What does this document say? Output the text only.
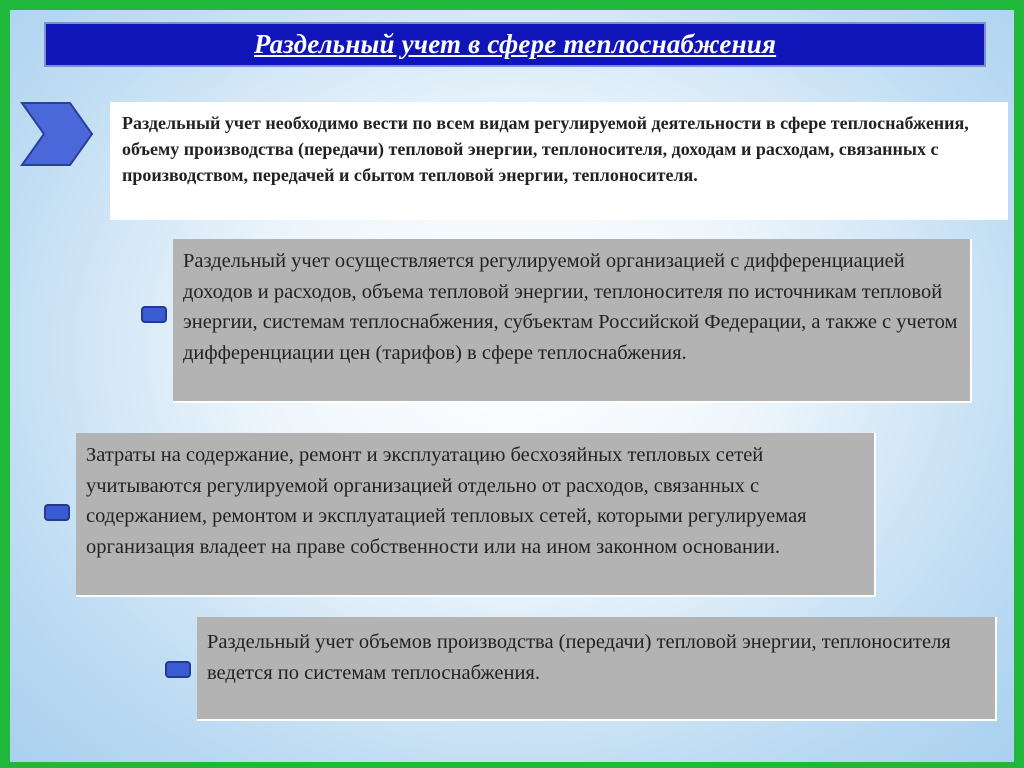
Раздельный учет в сфере теплоснабжения
Раздельный учет необходимо вести по всем видам регулируемой деятельности в сфере теплоснабжения, объему производства (передачи) тепловой энергии, теплоносителя, доходам и расходам, связанных с производством, передачей и сбытом тепловой энергии, теплоносителя.
Раздельный учет осуществляется регулируемой организацией с дифференциацией доходов и расходов, объема тепловой энергии, теплоносителя по источникам тепловой энергии, системам теплоснабжения, субъектам Российской Федерации, а также с учетом дифференциации цен (тарифов) в сфере теплоснабжения.
Затраты на содержание, ремонт и эксплуатацию бесхозяйных тепловых сетей учитываются регулируемой организацией отдельно от расходов, связанных с содержанием, ремонтом и эксплуатацией тепловых сетей, которыми регулируемая организация владеет на праве собственности или на ином законном основании.
Раздельный учет объемов производства (передачи) тепловой энергии, теплоносителя ведется по системам теплоснабжения.
